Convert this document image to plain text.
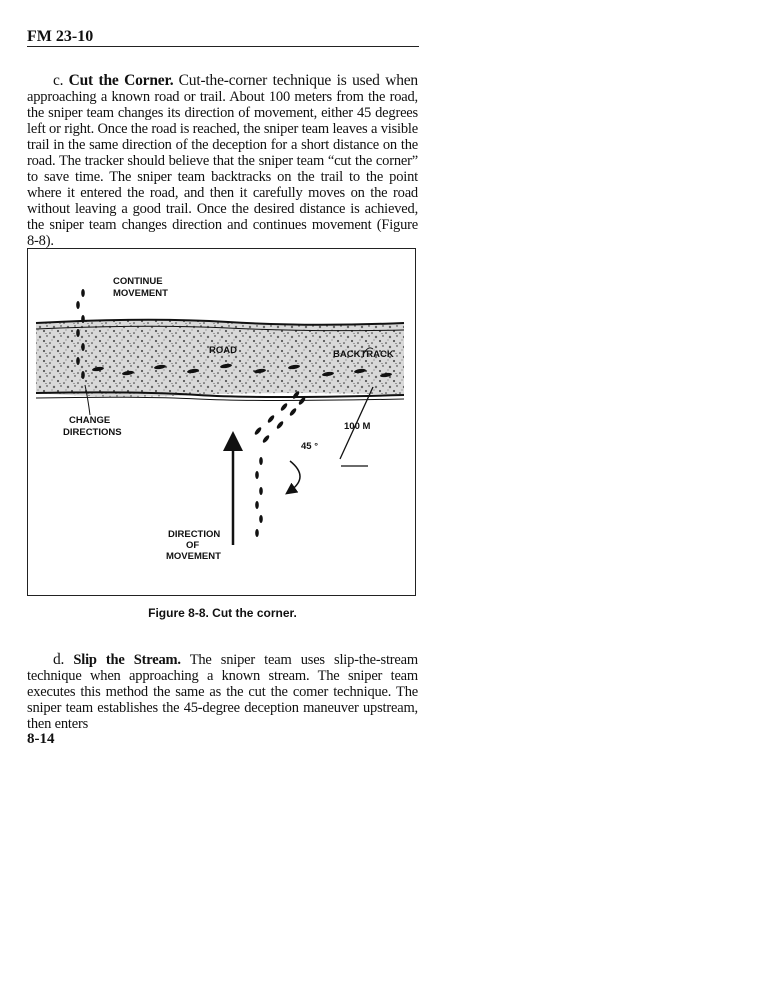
FM 23-10
c. Cut the Corner. Cut-the-corner technique is used when approaching a known road or trail. About 100 meters from the road, the sniper team changes its direction of movement, either 45 degrees left or right. Once the road is reached, the sniper team leaves a visible trail in the same direction of the deception for a short distance on the road. The tracker should believe that the sniper team “cut the corner” to save time. The sniper team backtracks on the trail to the point where it entered the road, and then it carefully moves on the road without leaving a good trail. Once the desired distance is achieved, the sniper team changes direction and continues movement (Figure 8-8).
CONTINUE
MOVEMENT
ROAD	BACKTRACK
CHANGE
DIRECTIONS
100 M
45 °
DIRECTION
OF
MOVEMENT
Figure 8-8. Cut the corner.
d. Slip the Stream. The sniper team uses slip-the-stream technique when approaching a known stream. The sniper team executes this method the same as the cut the comer technique. The sniper team establishes the 45-degree deception maneuver upstream, then enters
8-14
